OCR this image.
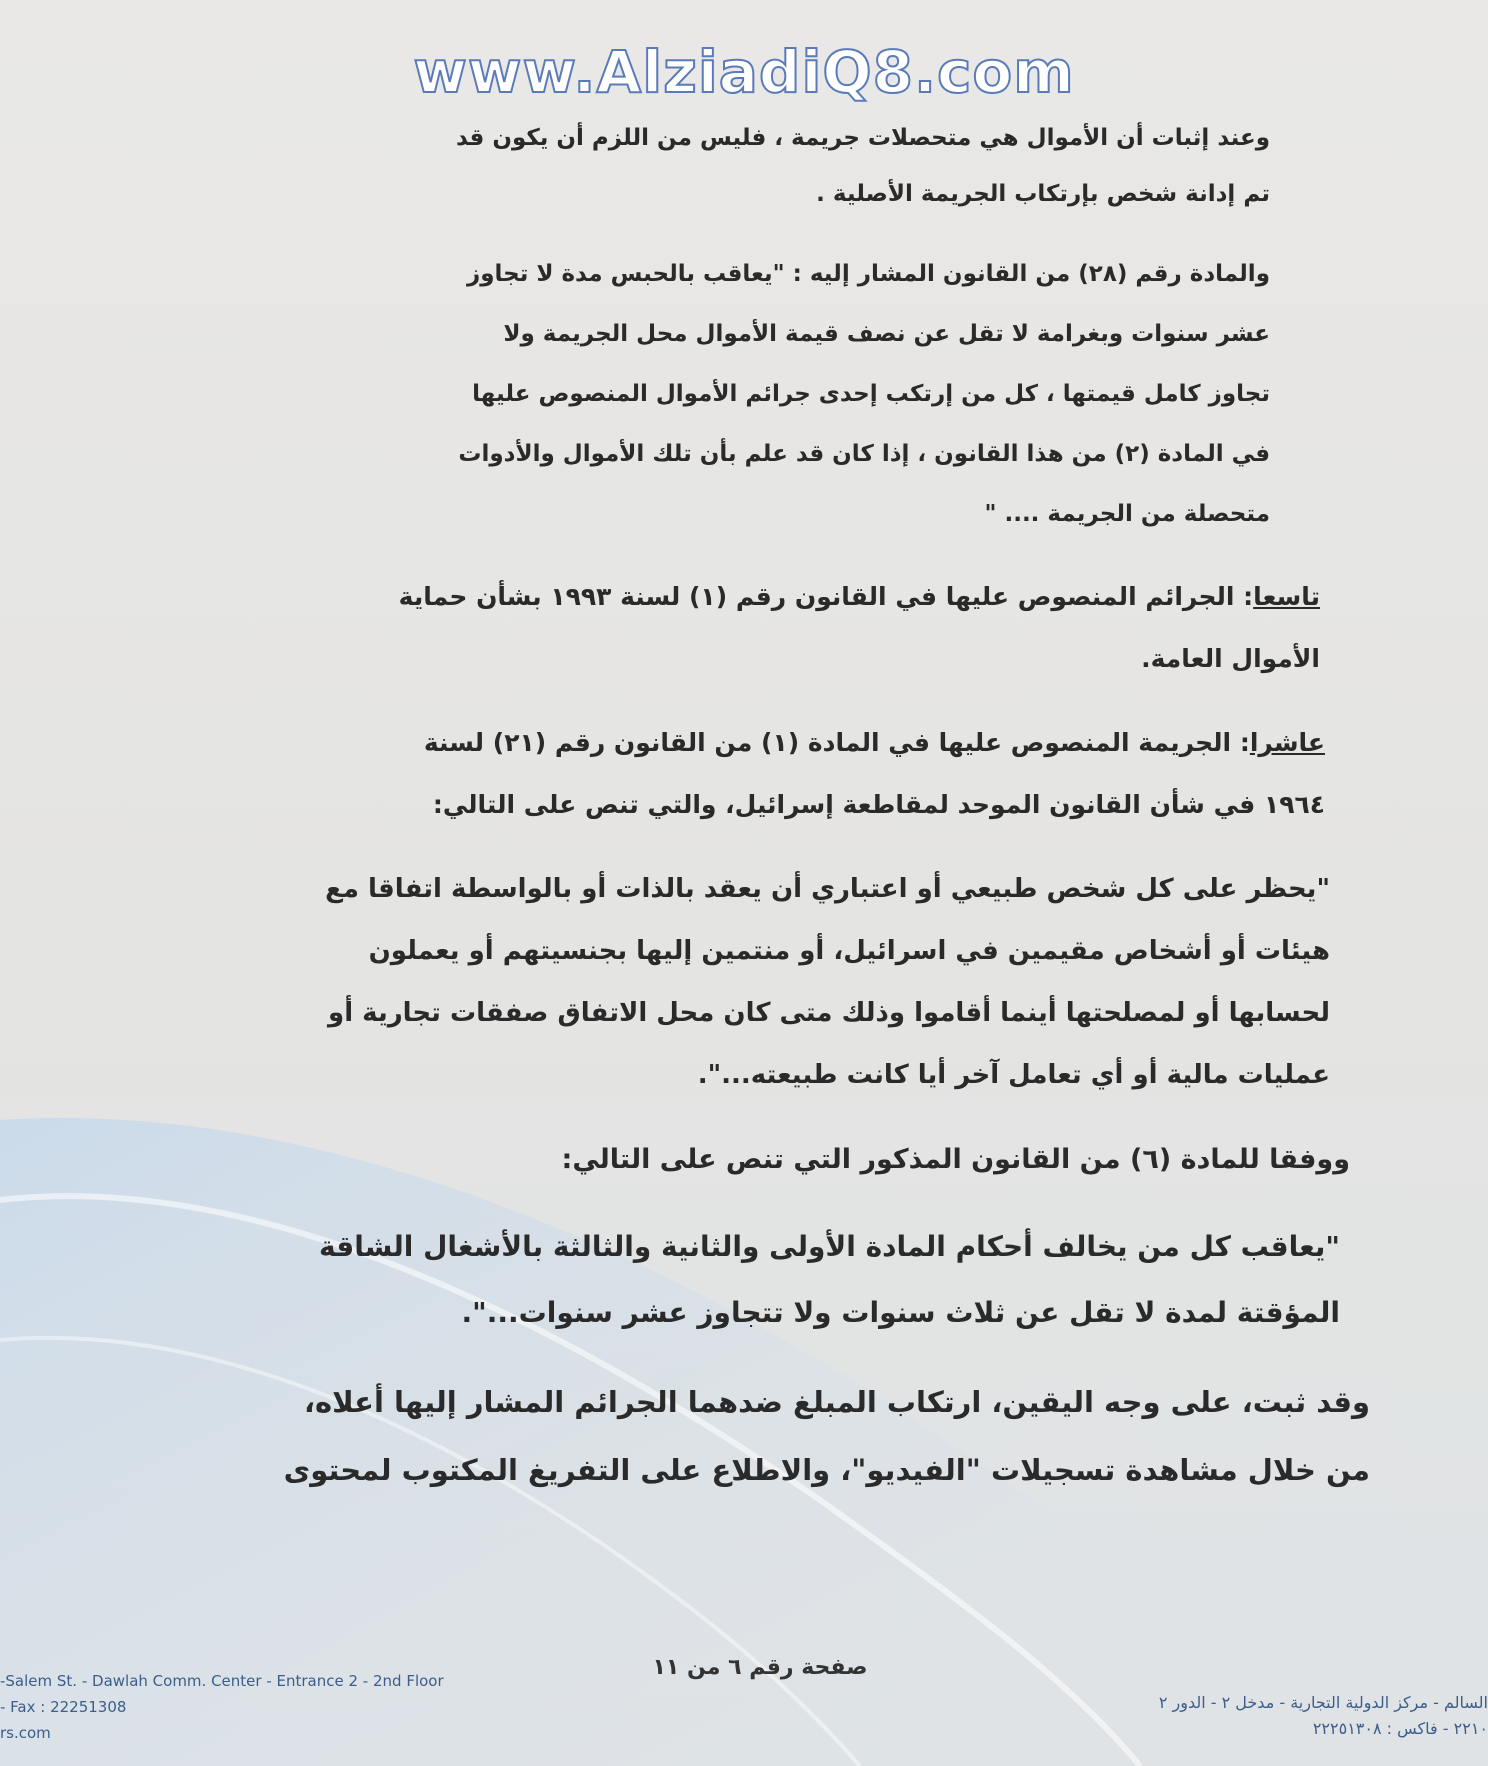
www.AlziadiQ8.com
وعند إثبات أن الأموال هي متحصلات جريمة ، فليس من اللزم أن يكون قد
تم إدانة شخص بإرتكاب الجريمة الأصلية .
والمادة رقم (٢٨) من القانون المشار إليه : "يعاقب بالحبس مدة لا تجاوز
عشر سنوات وبغرامة لا تقل عن نصف قيمة الأموال محل الجريمة ولا
تجاوز كامل قيمتها ، كل من إرتكب إحدى جرائم الأموال المنصوص عليها
في المادة (٢) من هذا القانون ، إذا كان قد علم بأن تلك الأموال والأدوات
متحصلة من الجريمة .... "
تاسعا: الجرائم المنصوص عليها في القانون رقم (١) لسنة ١٩٩٣ بشأن حماية
الأموال العامة.
عاشرا: الجريمة المنصوص عليها في المادة (١) من القانون رقم (٢١) لسنة
١٩٦٤ في شأن القانون الموحد لمقاطعة إسرائيل، والتي تنص على التالي:
"يحظر على كل شخص طبيعي أو اعتباري أن يعقد بالذات أو بالواسطة اتفاقا مع
هيئات أو أشخاص مقيمين في اسرائيل، أو منتمين إليها بجنسيتهم أو يعملون
لحسابها أو لمصلحتها أينما أقاموا وذلك متى كان محل الاتفاق صفقات تجارية أو
عمليات مالية أو أي تعامل آخر أيا كانت طبيعته...".
ووفقا للمادة (٦) من القانون المذكور التي تنص على التالي:
"يعاقب كل من يخالف أحكام المادة الأولى والثانية والثالثة بالأشغال الشاقة
المؤقتة لمدة لا تقل عن ثلاث سنوات ولا تتجاوز عشر سنوات...".
وقد ثبت، على وجه اليقين، ارتكاب المبلغ ضدهما الجرائم المشار إليها أعلاه،
من خلال مشاهدة تسجيلات "الفيديو"، والاطلاع على التفريغ المكتوب لمحتوى
صفحة رقم ٦ من ١١
-Salem St. - Dawlah Comm. Center - Entrance 2 - 2nd Floor
- Fax : 22251308
rs.com
السالم - مركز الدولية التجارية - مدخل ٢ - الدور ٢
٢٢١٠ - فاكس : ٢٢٢٥١٣٠٨
